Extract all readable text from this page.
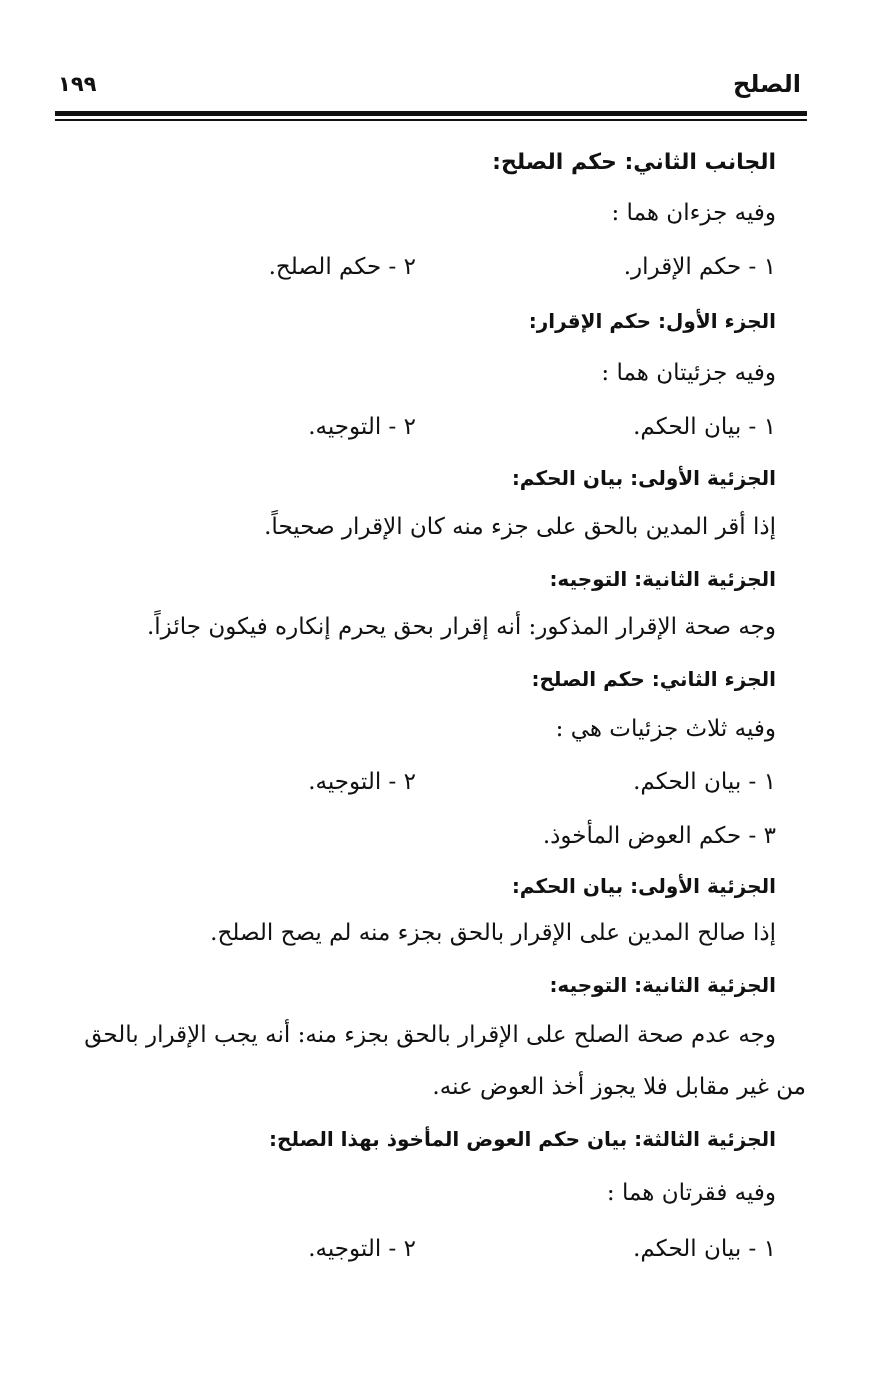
الصلح
١٩٩
الجانب الثاني: حكم الصلح:
وفيه جزءان هما :
١ - حكم الإقرار.
٢ - حكم الصلح.
الجزء الأول: حكم الإقرار:
وفيه جزئيتان هما :
١ - بيان الحكم.
٢ - التوجيه.
الجزئية الأولى: بيان الحكم:
إذا أقر المدين بالحق على جزء منه كان الإقرار صحيحاً.
الجزئية الثانية: التوجيه:
وجه صحة الإقرار المذكور: أنه إقرار بحق يحرم إنكاره فيكون جائزاً.
الجزء الثاني: حكم الصلح:
وفيه ثلاث جزئيات هي :
١ - بيان الحكم.
٢ - التوجيه.
٣ - حكم العوض المأخوذ.
الجزئية الأولى: بيان الحكم:
إذا صالح المدين على الإقرار بالحق بجزء منه لم يصح الصلح.
الجزئية الثانية: التوجيه:
وجه عدم صحة الصلح على الإقرار بالحق بجزء منه: أنه يجب الإقرار بالحق
من غير مقابل فلا يجوز أخذ العوض عنه.
الجزئية الثالثة: بيان حكم العوض المأخوذ بهذا الصلح:
وفيه فقرتان هما :
١ - بيان الحكم.
٢ - التوجيه.
